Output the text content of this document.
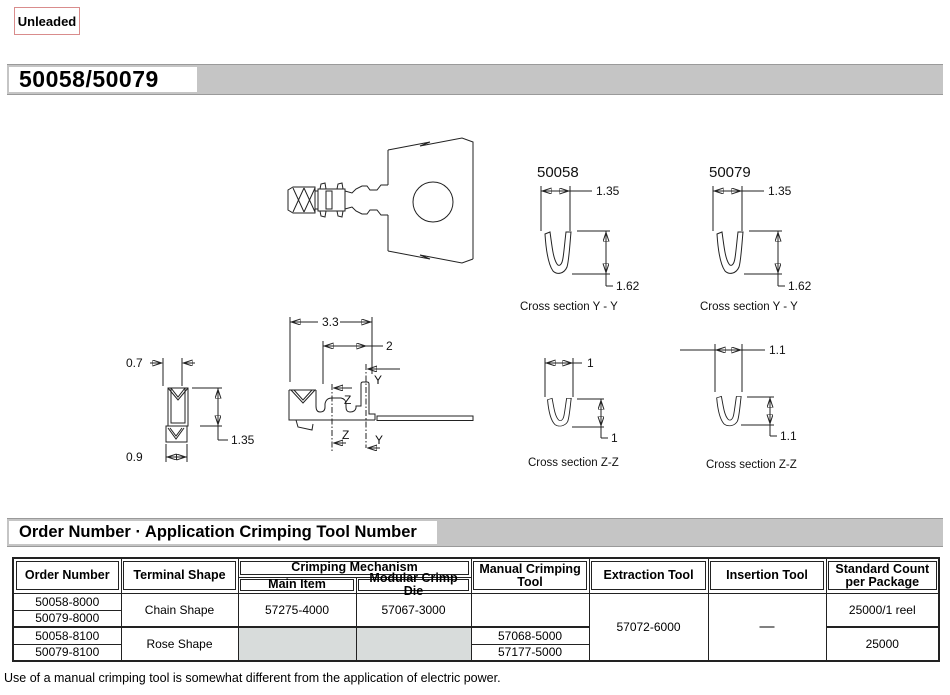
Unleaded
50058/50079
50058
1.35
1.62
Cross section Y - Y
50079
1.35
1.62
Cross section Y - Y
1
1
Cross section Z-Z
1.1
1.1
Cross section Z-Z
3.3
2
Y
Z
Z Y
0.7
1.35
0.9
Order Number · Application Crimping Tool Number
Order Number	Terminal Shape	Crimping Mechanism		Manual Crimping Tool	Extraction Tool	Insertion Tool	Standard Count per Package

Main Item	Modular Crimp Die				

50058-8000	Chain Shape	57275-4000	57067-3000		57072-6000	—	25000/1 reel
50079-8000							
50058-8100	Rose Shape			57068-5000			25000
50079-8100				57177-5000			
Use of a manual crimping tool is somewhat different from the application of electric power.
